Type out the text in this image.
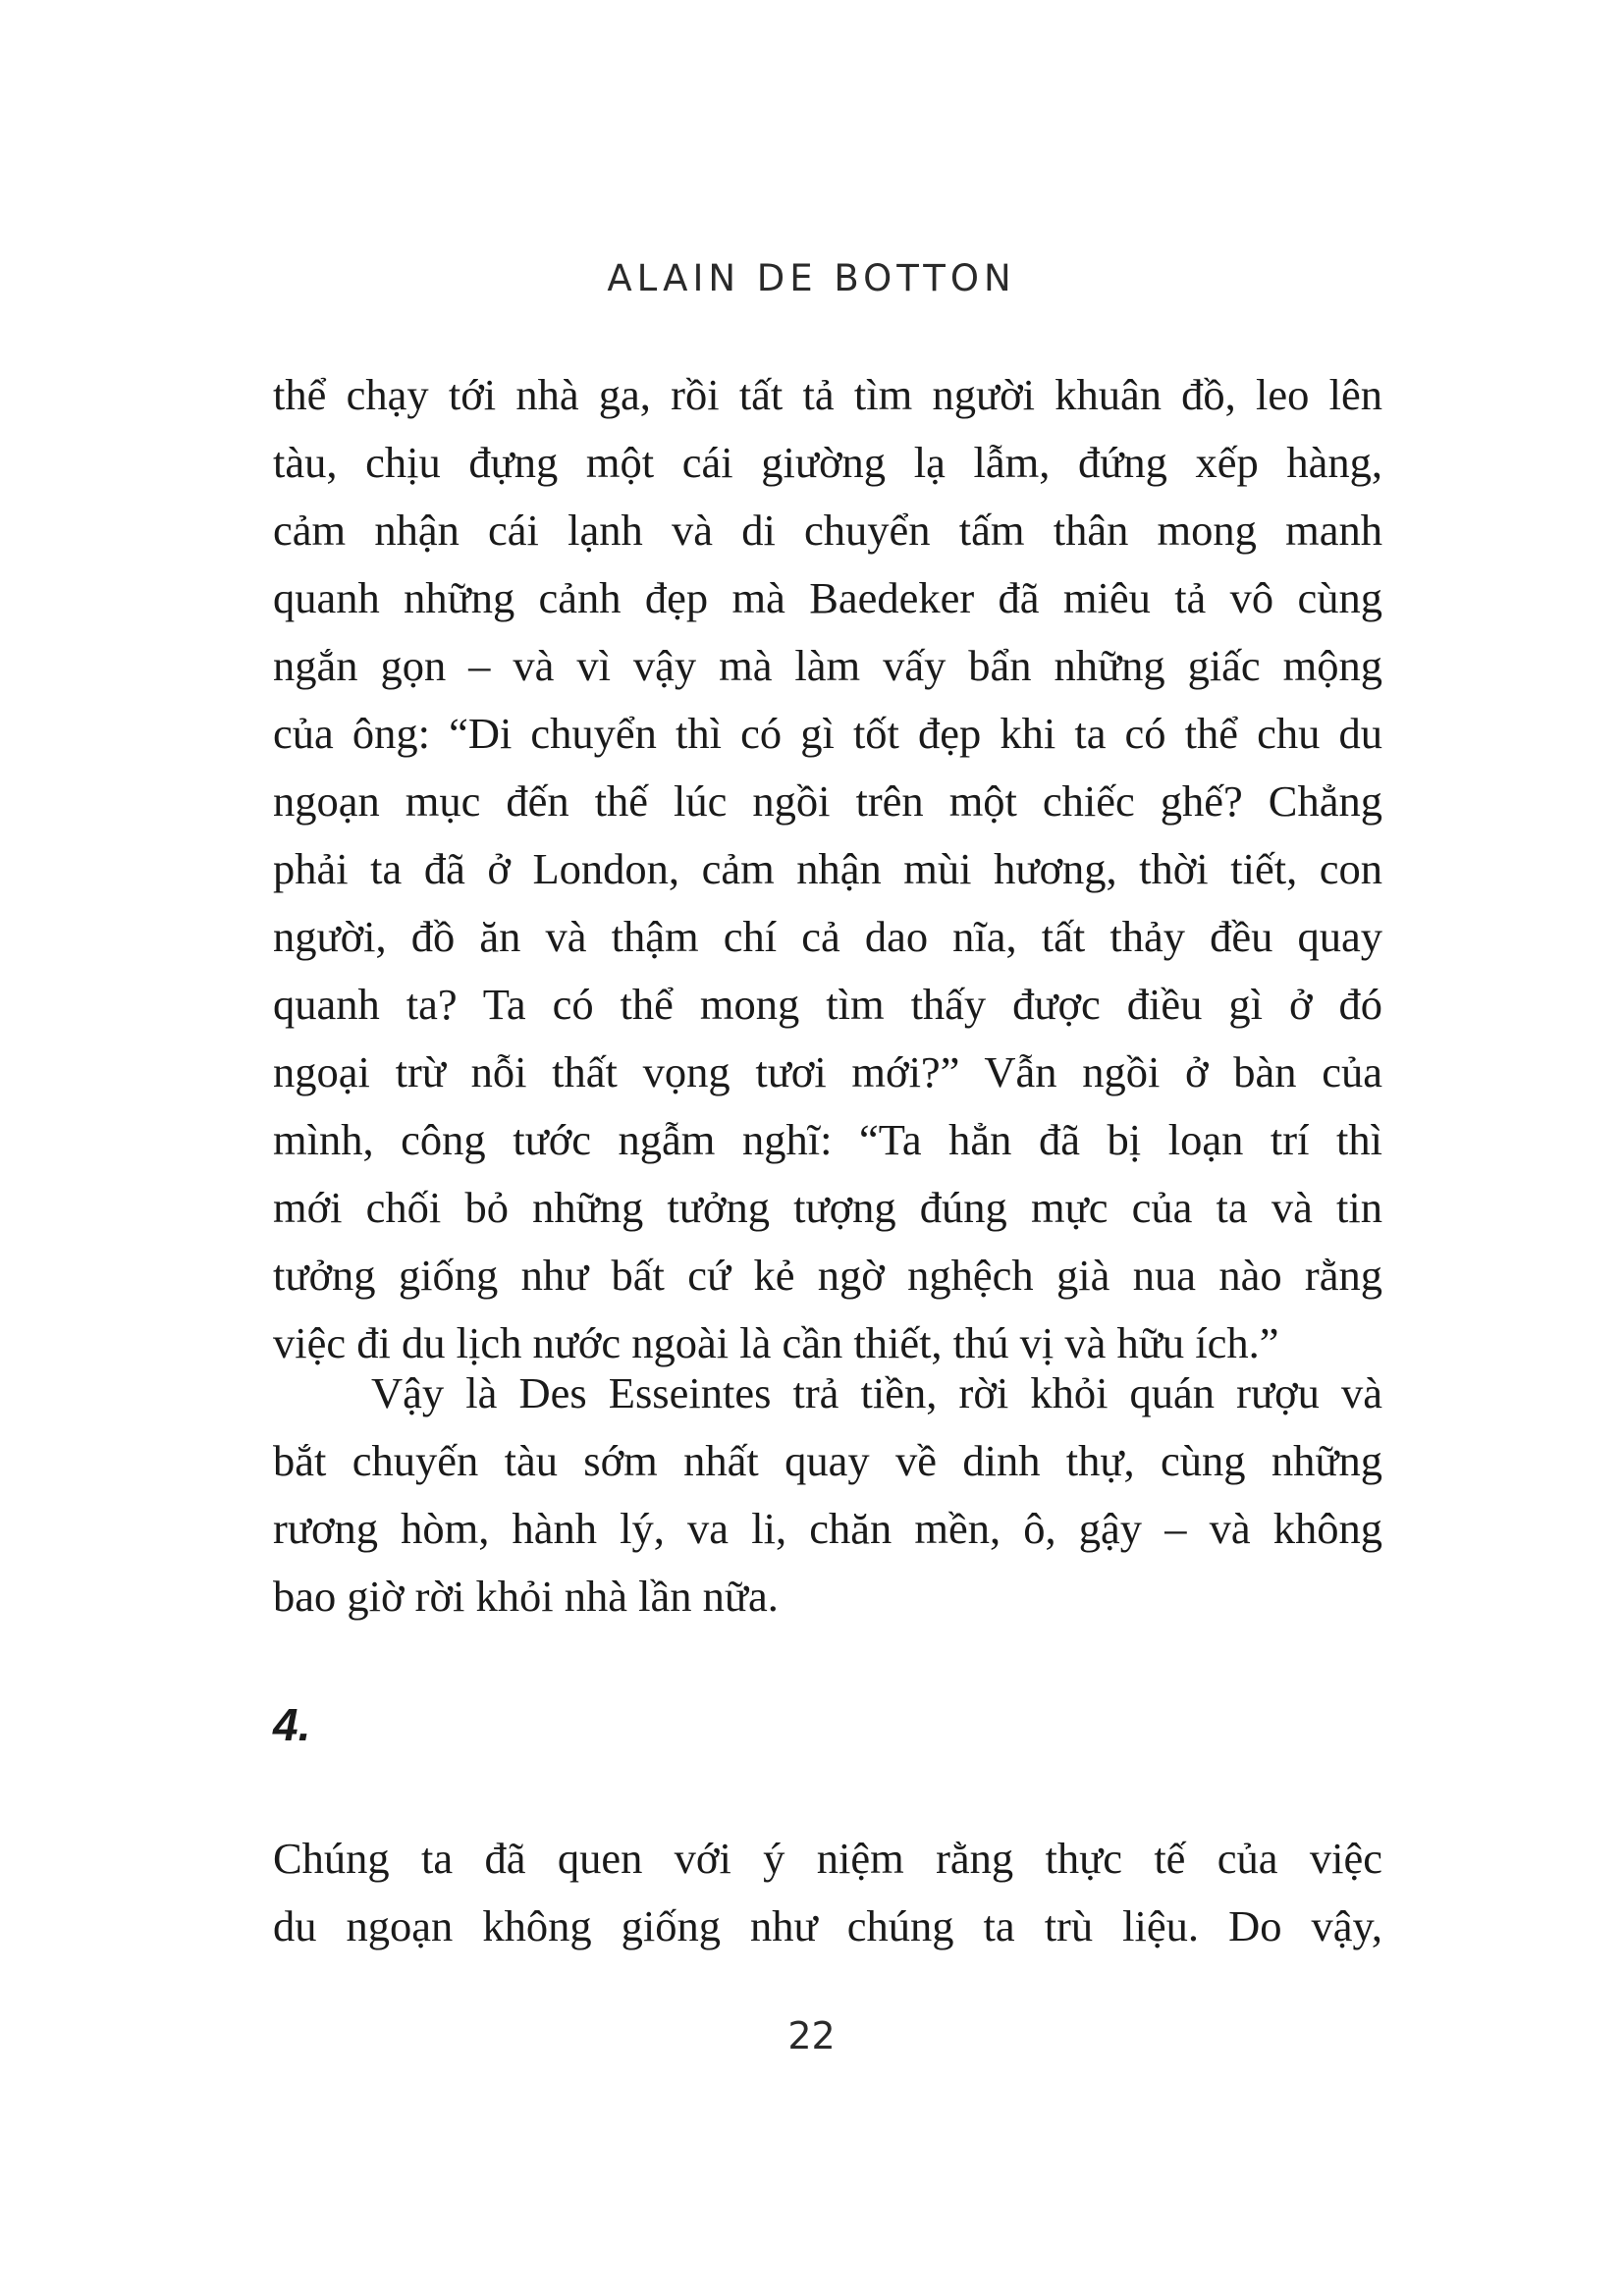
ALAIN DE BOTTON
thể chạy tới nhà ga, rồi tất tả tìm người khuân đồ, leo lên
tàu, chịu đựng một cái giường lạ lẫm, đứng xếp hàng,
cảm nhận cái lạnh và di chuyển tấm thân mong manh
quanh những cảnh đẹp mà Baedeker đã miêu tả vô cùng
ngắn gọn – và vì vậy mà làm vấy bẩn những giấc mộng
của ông: “Di chuyển thì có gì tốt đẹp khi ta có thể chu du
ngoạn mục đến thế lúc ngồi trên một chiếc ghế? Chẳng
phải ta đã ở London, cảm nhận mùi hương, thời tiết, con
người, đồ ăn và thậm chí cả dao nĩa, tất thảy đều quay
quanh ta? Ta có thể mong tìm thấy được điều gì ở đó
ngoại trừ nỗi thất vọng tươi mới?” Vẫn ngồi ở bàn của
mình, công tước ngẫm nghĩ: “Ta hẳn đã bị loạn trí thì
mới chối bỏ những tưởng tượng đúng mực của ta và tin
tưởng giống như bất cứ kẻ ngờ nghệch già nua nào rằng
việc đi du lịch nước ngoài là cần thiết, thú vị và hữu ích.”
Vậy là Des Esseintes trả tiền, rời khỏi quán rượu và
bắt chuyến tàu sớm nhất quay về dinh thự, cùng những
rương hòm, hành lý, va li, chăn mền, ô, gậy – và không
bao giờ rời khỏi nhà lần nữa.
4.
Chúng ta đã quen với ý niệm rằng thực tế của việc
du ngoạn không giống như chúng ta trù liệu. Do vậy,
22
